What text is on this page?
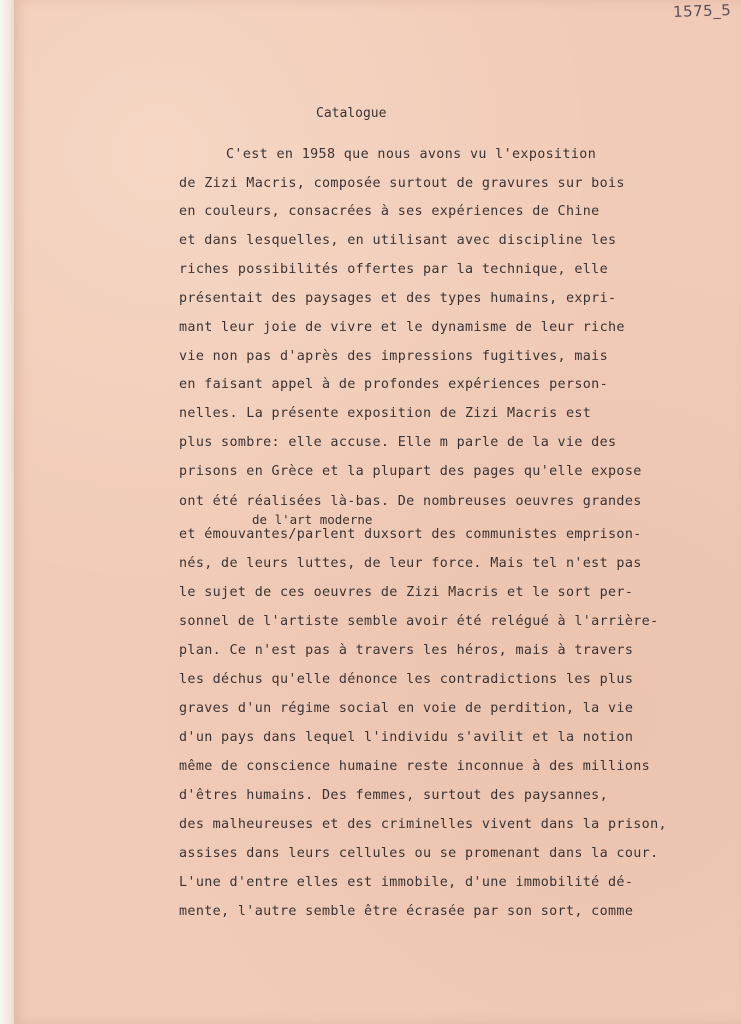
1575_5
Catalogue
de l'art moderne
C'est en 1958 que nous avons vu l'exposition
de Zizi Macris, composée surtout de gravures sur bois
en couleurs, consacrées à ses expériences de Chine
et dans lesquelles, en utilisant avec discipline les
riches possibilités offertes par la technique, elle
présentait des paysages et des types humains, expri-
mant leur joie de vivre et le dynamisme de leur riche
vie non pas d'après des impressions fugitives, mais
en faisant appel à de profondes expériences person-
nelles. La présente exposition de Zizi Macris est
plus sombre: elle accuse. Elle m parle de la vie des
prisons en Grèce et la plupart des pages qu'elle expose
ont été réalisées là-bas. De nombreuses oeuvres grandes
et émouvantes/parlent duxsort des communistes emprison-
nés, de leurs luttes, de leur force. Mais tel n'est pas
le sujet de ces oeuvres de Zizi Macris et le sort per-
sonnel de l'artiste semble avoir été relégué à l'arrière-
plan. Ce n'est pas à travers les héros, mais à travers
les déchus qu'elle dénonce les contradictions les plus
graves d'un régime social en voie de perdition, la vie
d'un pays dans lequel l'individu s'avilit et la notion
même de conscience humaine reste inconnue à des millions
d'êtres humains. Des femmes, surtout des paysannes,
des malheureuses et des criminelles vivent dans la prison,
assises dans leurs cellules ou se promenant dans la cour.
L'une d'entre elles est immobile, d'une immobilité dé-
mente, l'autre semble être écrasée par son sort, comme
